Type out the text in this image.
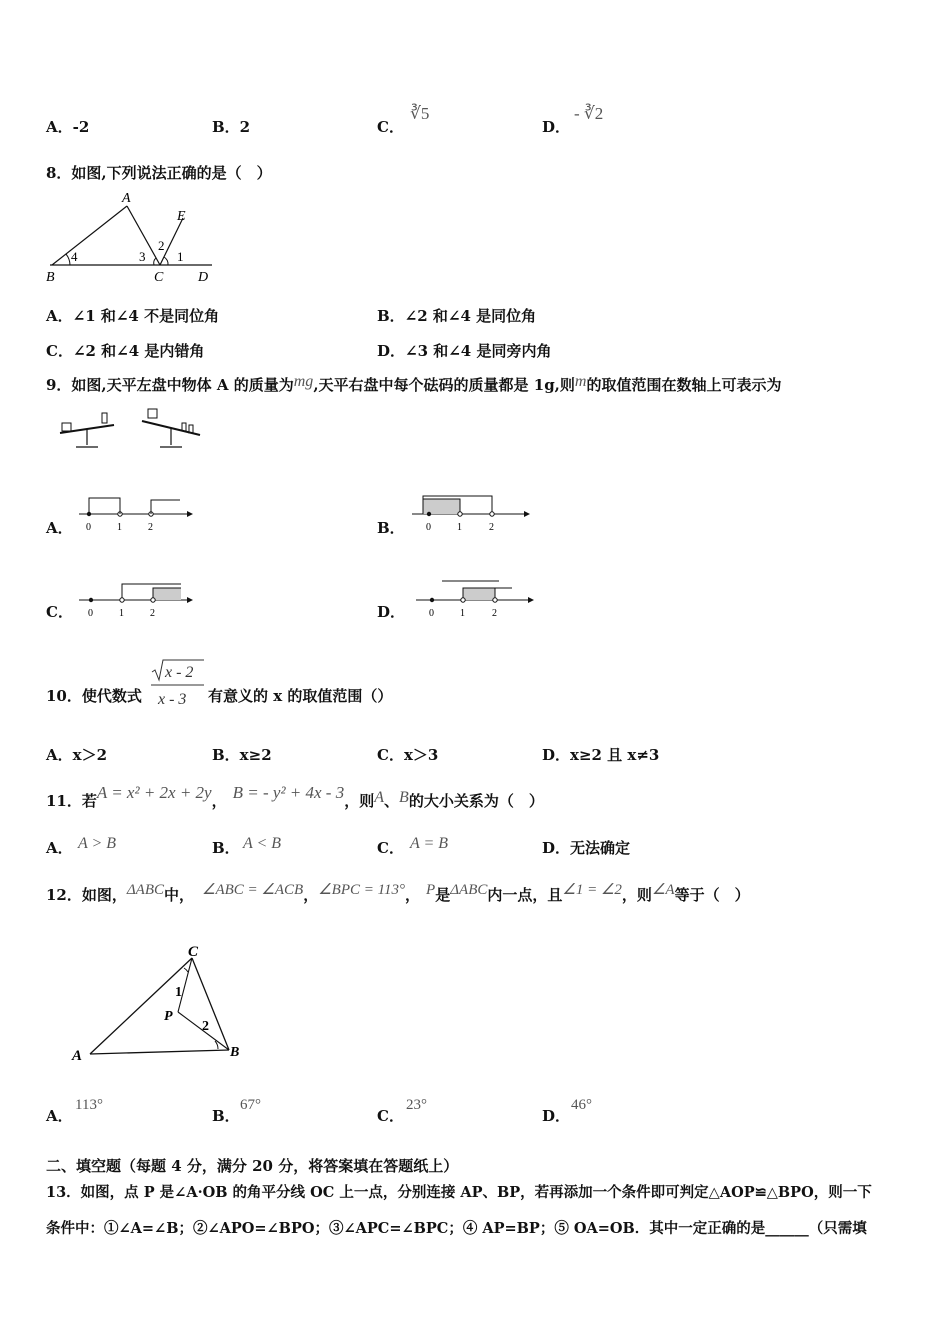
A．-2	B．2	C．
∛5
D．
- ∛2
8．如图,下列说法正确的是（　）
A
E
2
4	3 1
B	C D
A．∠1 和∠4 不是同位角	B．∠2 和∠4 是同位角
C．∠2 和∠4 是内错角	D．∠3 和∠4 是同旁内角
9．如图,天平左盘中物体 A 的质量为mg,天平右盘中每个砝码的质量都是 1g,则m的取值范围在数轴上可表示为
A． 0	1	2	B． 0	1	2
C． 0	1	2	D． 0	1	2
10．使代数式
x - 2
x - 3 有意义的 x 的取值范围（）
A．x＞2	B．x≥2	C．x＞3	D．x≥2 且 x≠3
11．若A = x² + 2x + 2y， B = - y² + 4x - 3，则A、B的大小关系为（　）
A． A > B	B． A < B	C． A = B	D．无法确定
12．如图，ΔABC中， ∠ABC = ∠ACB，∠BPC = 113°， P是ΔABC内一点，且∠1 = ∠2，则∠A等于（　）
C
1
P
2
A	B
A．
113°
B．
67°
C．
23°
D．
46°
二、填空题（每题 4 分，满分 20 分，将答案填在答题纸上）
13．如图，点 P 是∠A·OB 的角平分线 OC 上一点，分别连接 AP、BP，若再添加一个条件即可判定△AOP≌△BPO，则一下
条件中：①∠A=∠B；②∠APO=∠BPO；③∠APC=∠BPC；④ AP=BP；⑤ OA=OB．其中一定正确的是______（只需填
